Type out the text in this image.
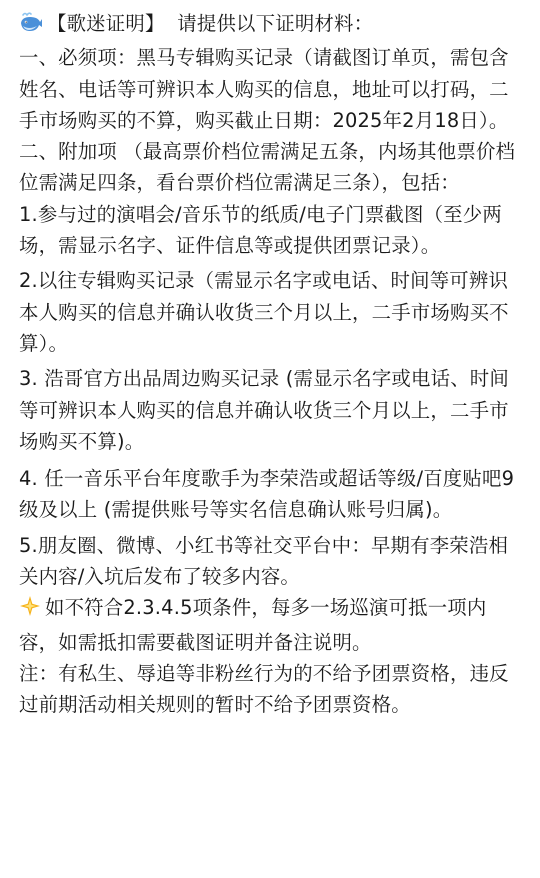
【歌迷证明】 请提供以下证明材料：

一、必须项：黑马专辑购买记录（请截图订单页，需包含姓名、电话等可辨识本人购买的信息，地址可以打码，二手市场购买的不算，购买截止日期：2025年2月18日）。

二、附加项 （最高票价档位需满足五条，内场其他票价档位需满足四条，看台票价档位需满足三条），包括：

1.参与过的演唱会/音乐节的纸质/电子门票截图（至少两场，需显示名字、证件信息等或提供团票记录）。

2.以往专辑购买记录（需显示名字或电话、时间等可辨识本人购买的信息并确认收货三个月以上，二手市场购买不算）。

3. 浩哥官方出品周边购买记录 (需显示名字或电话、时间等可辨识本人购买的信息并确认收货三个月以上，二手市场购买不算)。

4. 任一音乐平台年度歌手为李荣浩或超话等级/百度贴吧9级及以上 (需提供账号等实名信息确认账号归属)。

5.朋友圈、微博、小红书等社交平台中：早期有李荣浩相关内容/入坑后发布了较多内容。

如不符合2.3.4.5项条件，每多一场巡演可抵一项内容，如需抵扣需要截图证明并备注说明。

注：有私生、辱追等非粉丝行为的不给予团票资格，违反过前期活动相关规则的暂时不给予团票资格。
